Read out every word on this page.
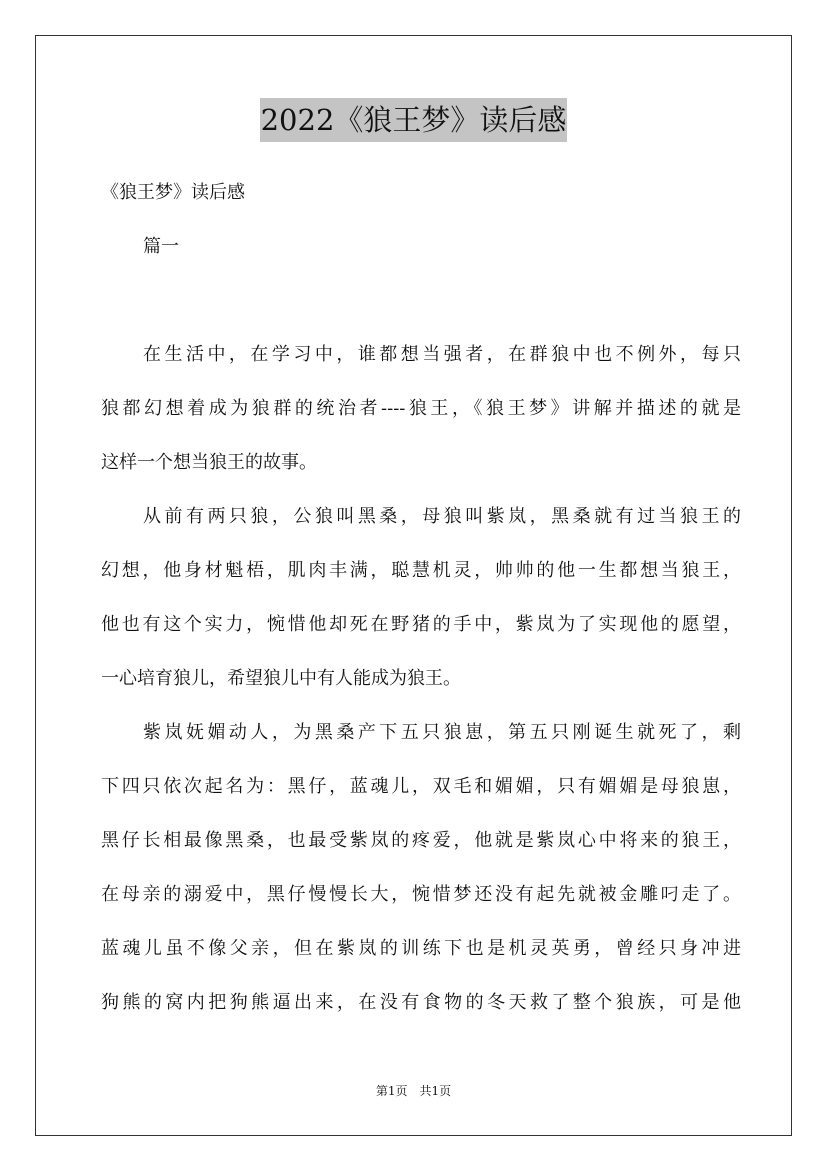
2022《狼王梦》读后感
《狼王梦》读后感
篇一
在生活中，在学习中，谁都想当强者，在群狼中也不例外，每只
狼都幻想着成为狼群的统治者----狼王，《狼王梦》讲解并描述的就是
这样一个想当狼王的故事。
从前有两只狼，公狼叫黑桑，母狼叫紫岚，黑桑就有过当狼王的
幻想，他身材魁梧，肌肉丰满，聪慧机灵，帅帅的他一生都想当狼王，
他也有这个实力，惋惜他却死在野猪的手中，紫岚为了实现他的愿望，
一心培育狼儿，希望狼儿中有人能成为狼王。
紫岚妩媚动人，为黑桑产下五只狼崽，第五只刚诞生就死了，剩
下四只依次起名为：黑仔，蓝魂儿，双毛和媚媚，只有媚媚是母狼崽，
黑仔长相最像黑桑，也最受紫岚的疼爱，他就是紫岚心中将来的狼王，
在母亲的溺爱中，黑仔慢慢长大，惋惜梦还没有起先就被金雕叼走了。
蓝魂儿虽不像父亲，但在紫岚的训练下也是机灵英勇，曾经只身冲进
狗熊的窝内把狗熊逼出来，在没有食物的冬天救了整个狼族，可是他
第1页　共1页
